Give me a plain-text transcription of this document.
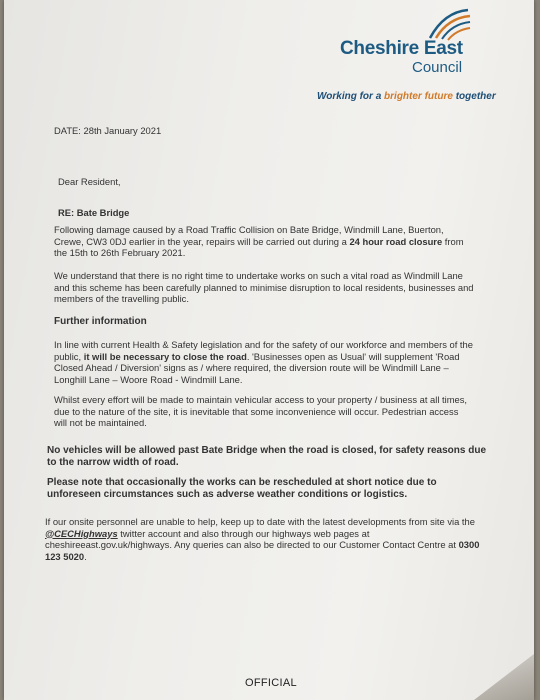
Cheshire East
Council
Working for a brighter future together
DATE: 28th January 2021
Dear Resident,
RE: Bate Bridge
Following damage caused by a Road Traffic Collision on Bate Bridge, Windmill Lane, Buerton, Crewe, CW3 0DJ earlier in the year, repairs will be carried out during a 24 hour road closure from the 15th to 26th February 2021.
We understand that there is no right time to undertake works on such a vital road as Windmill Lane and this scheme has been carefully planned to minimise disruption to local residents, businesses and members of the travelling public.
Further information
In line with current Health & Safety legislation and for the safety of our workforce and members of the public, it will be necessary to close the road. 'Businesses open as Usual' will supplement 'Road Closed Ahead / Diversion' signs as / where required, the diversion route will be Windmill Lane – Longhill Lane – Woore Road - Windmill Lane.
Whilst every effort will be made to maintain vehicular access to your property / business at all times, due to the nature of the site, it is inevitable that some inconvenience will occur. Pedestrian access will not be maintained.
No vehicles will be allowed past Bate Bridge when the road is closed, for safety reasons due to the narrow width of road.
Please note that occasionally the works can be rescheduled at short notice due to unforeseen circumstances such as adverse weather conditions or logistics.
If our onsite personnel are unable to help, keep up to date with the latest developments from site via the @CECHighways twitter account and also through our highways web pages at cheshireeast.gov.uk/highways. Any queries can also be directed to our Customer Contact Centre at 0300 123 5020.
OFFICIAL
